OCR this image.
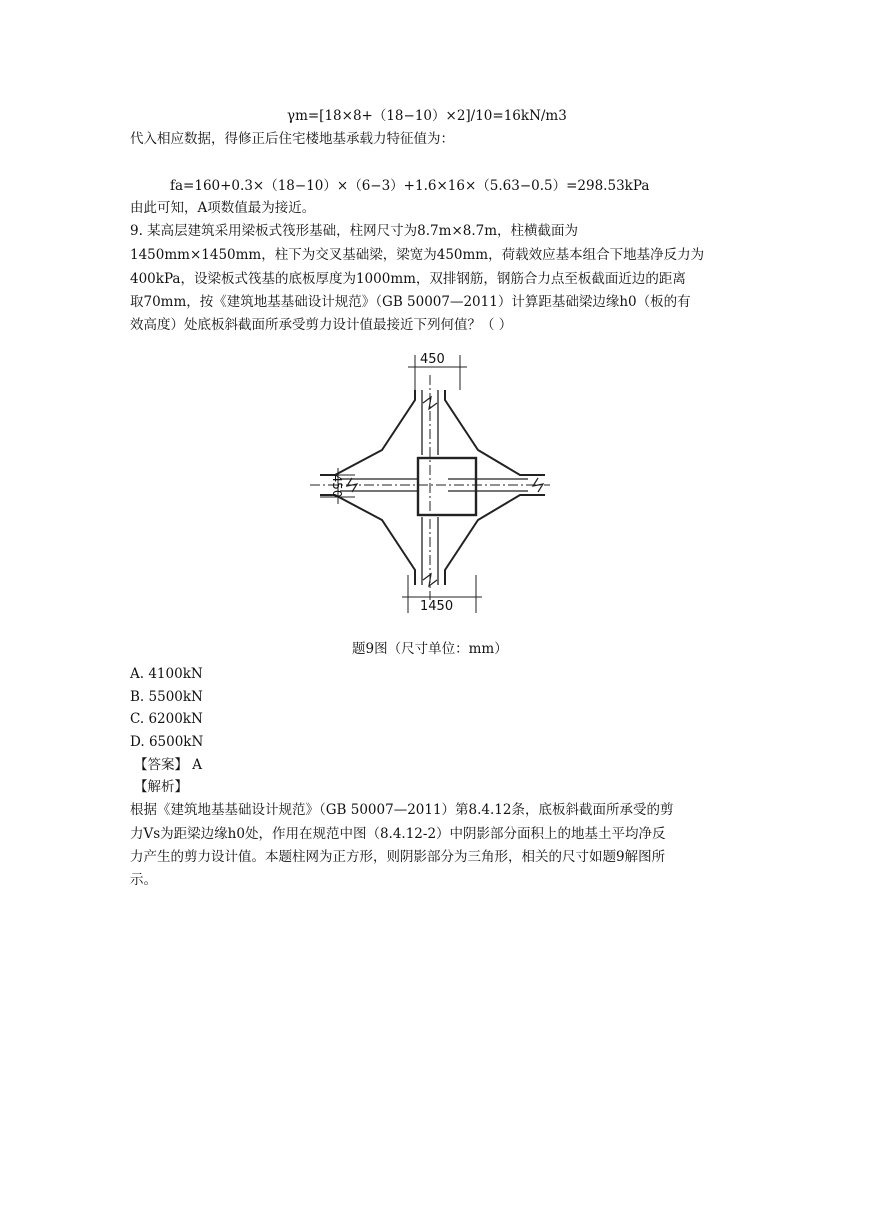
γm=[18×8+（18−10）×2]/10=16kN/m3
代入相应数据，得修正后住宅楼地基承载力特征值为：
fa=160+0.3×（18−10）×（6−3）+1.6×16×（5.63−0.5）=298.53kPa
由此可知，A项数值最为接近。
9. 某高层建筑采用梁板式筏形基础，柱网尺寸为8.7m×8.7m，柱横截面为
1450mm×1450mm，柱下为交叉基础梁，梁宽为450mm，荷载效应基本组合下地基净反力为
400kPa，设梁板式筏基的底板厚度为1000mm，双排钢筋，钢筋合力点至板截面近边的距离
取70mm，按《建筑地基基础设计规范》（GB 50007—2011）计算距基础梁边缘h0（板的有
效高度）处底板斜截面所承受剪力设计值最接近下列何值？（ ）
450
450
1450
题9图（尺寸单位：mm）
A. 4100kN
B. 5500kN
C. 6200kN
D. 6500kN
【答案】 A
【解析】
根据《建筑地基基础设计规范》（GB 50007—2011）第8.4.12条，底板斜截面所承受的剪
力Vs为距梁边缘h0处，作用在规范中图（8.4.12-2）中阴影部分面积上的地基土平均净反
力产生的剪力设计值。本题柱网为正方形，则阴影部分为三角形，相关的尺寸如题9解图所
示。
